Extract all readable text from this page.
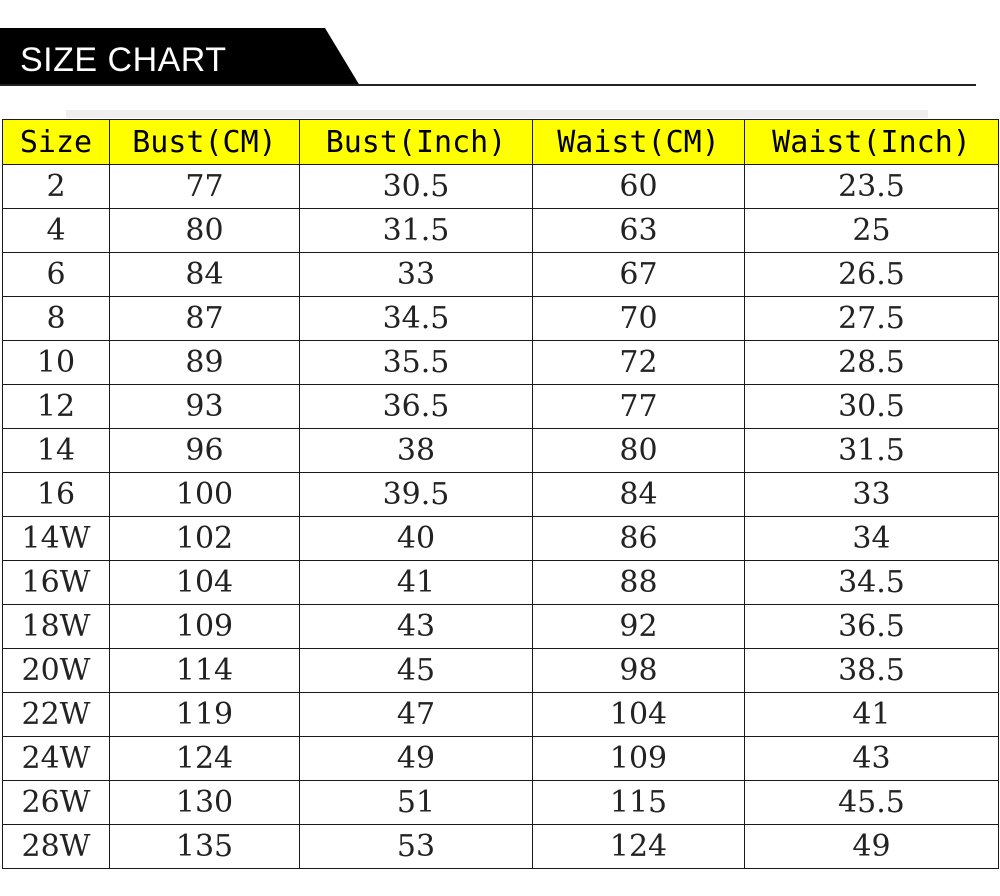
SIZE CHART
Size	Bust(CM)	Bust(Inch)	Waist(CM)	Waist(Inch)
2	77	30.5	60	23.5
4	80	31.5	63	25
6	84	33	67	26.5
8	87	34.5	70	27.5
10	89	35.5	72	28.5
12	93	36.5	77	30.5
14	96	38	80	31.5
16	100	39.5	84	33
14W	102	40	86	34
16W	104	41	88	34.5
18W	109	43	92	36.5
20W	114	45	98	38.5
22W	119	47	104	41
24W	124	49	109	43
26W	130	51	115	45.5
28W	135	53	124	49
